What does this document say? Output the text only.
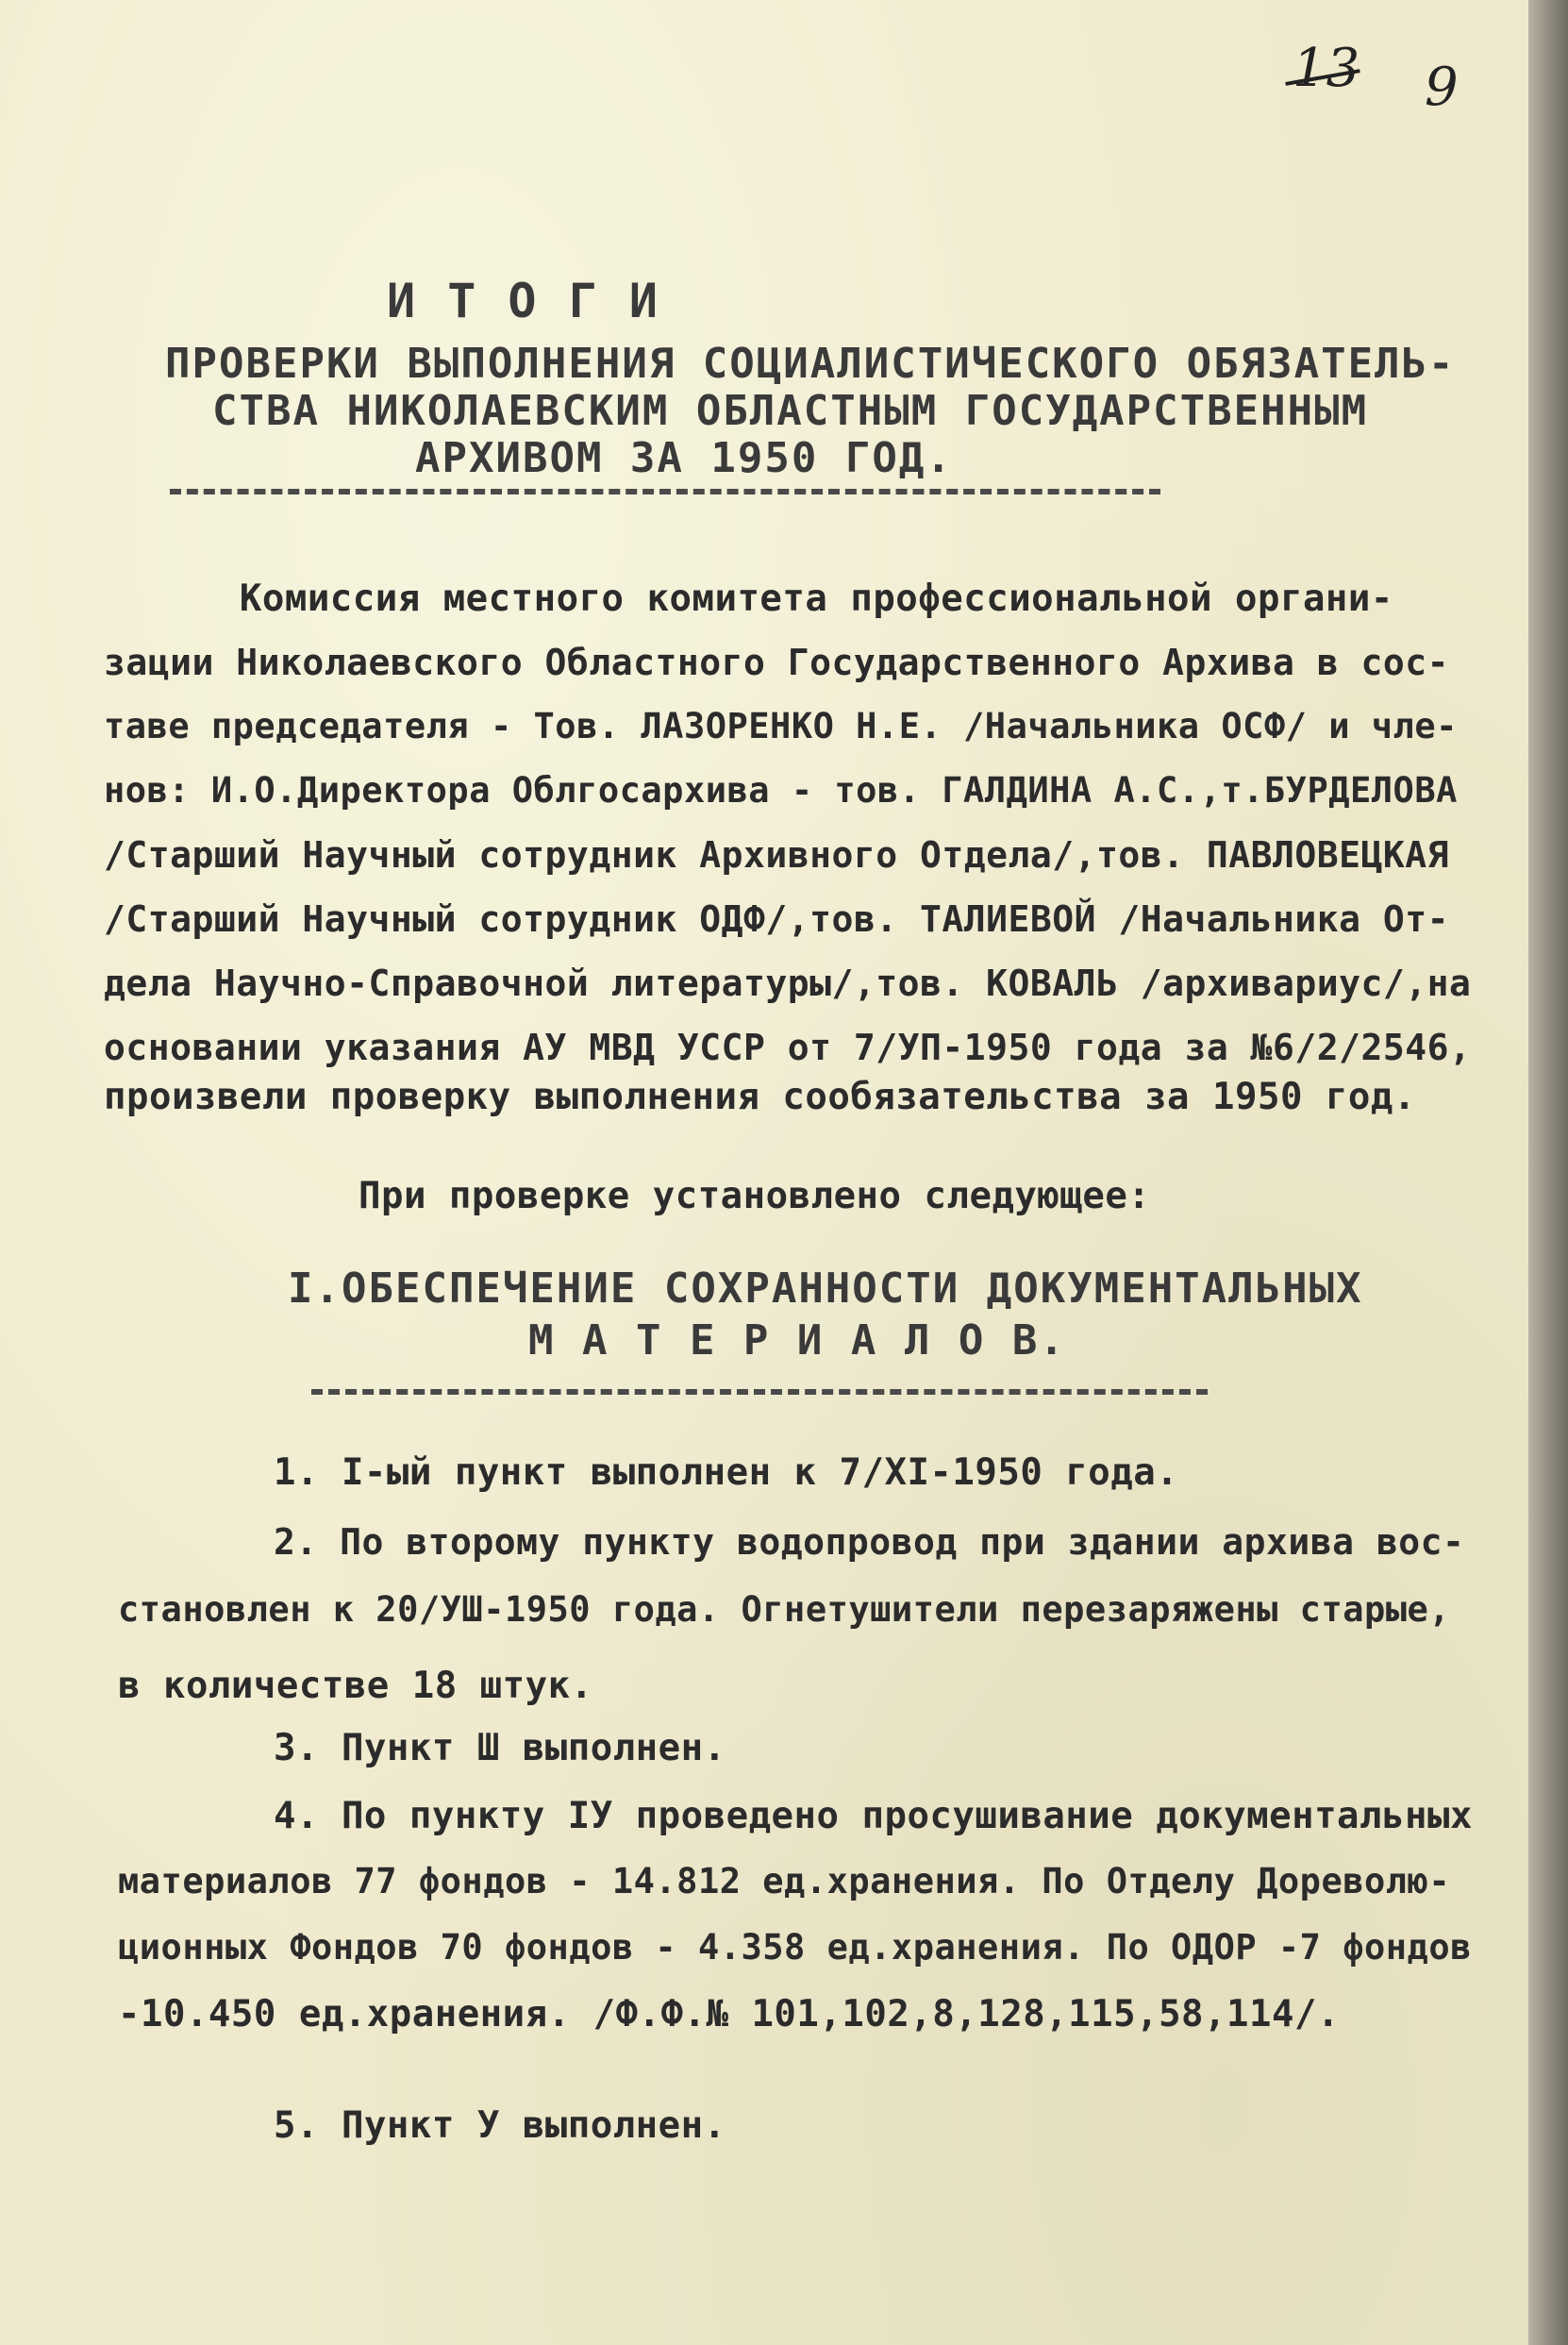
13 9
И Т О Г И
ПРОВЕРКИ ВЫПОЛНЕНИЯ СОЦИАЛИСТИЧЕСКОГО ОБЯЗАТЕЛЬ-
СТВА НИКОЛАЕВСКИМ ОБЛАСТНЫМ ГОСУДАРСТВЕННЫМ
АРХИВОМ ЗА 1950 ГОД.
Комиссия местного комитета профессиональной органи-
зации Николаевского Областного Государственного Архива в сос-
таве председателя - Тов. ЛАЗОРЕНКО Н.Е. /Начальника ОСФ/ и чле-
нов: И.О.Директора Облгосархива - тов. ГАЛДИНА А.С.,т.БУРДЕЛОВА
/Старший Научный сотрудник Архивного Отдела/,тов. ПАВЛОВЕЦКАЯ
/Старший Научный сотрудник ОДФ/,тов. ТАЛИЕВОЙ /Начальника От-
дела Научно-Справочной литературы/,тов. КОВАЛЬ /архивариус/,на
основании указания АУ МВД УССР от 7/УП-1950 года за №6/2/2546,
произвели проверку выполнения сообязательства за 1950 год.
При проверке установлено следующее:
I.ОБЕСПЕЧЕНИЕ СОХРАННОСТИ ДОКУМЕНТАЛЬНЫХ
М А Т Е Р И А Л О В.
1. I-ый пункт выполнен к 7/XI-1950 года.
2. По второму пункту водопровод при здании архива вос-
становлен к 20/УШ-1950 года. Огнетушители перезаряжены старые,
в количестве 18 штук.
3. Пункт Ш выполнен.
4. По пункту IУ проведено просушивание документальных
материалов 77 фондов - 14.812 ед.хранения. По Отделу Дореволю-
ционных Фондов 70 фондов - 4.358 ед.хранения. По ОДОР -7 фондов
-10.450 ед.хранения. /Ф.Ф.№ 101,102,8,128,115,58,114/.
5. Пункт У выполнен.
